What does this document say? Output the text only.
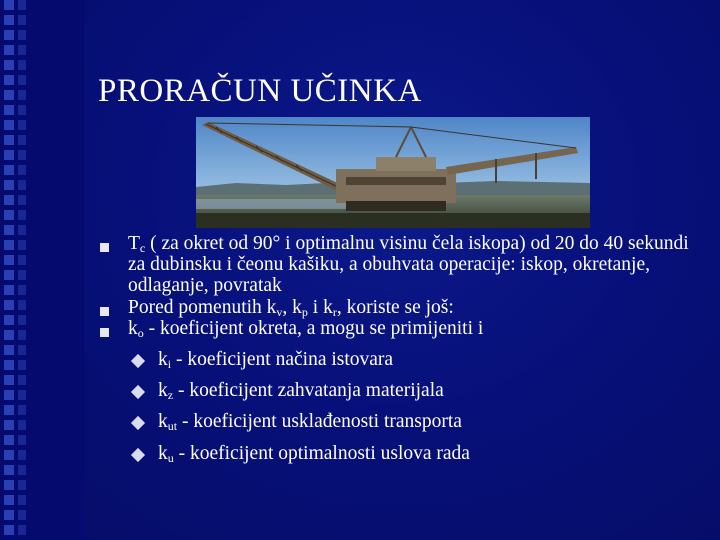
PRORAČUN UČINKA
$T_c$ ( za okret od 90° i optimalnu visinu čela iskopa) od 20 do 40 sekundi za dubinsku i čeonu kašiku, a obuhvata operacije: iskop, okretanje, odlaganje, povratak
Pored pomenutih $k_v$, $k_p$ i $k_r$, koriste se još:
$k_o$ - koeficijent okreta, a mogu se primijeniti i
$k_i$ - koeficijent načina istovara
$k_z$ - koeficijent zahvatanja materijala
$k_{ut}$ - koeficijent usklađenosti transporta
$k_u$ - koeficijent optimalnosti uslova rada
